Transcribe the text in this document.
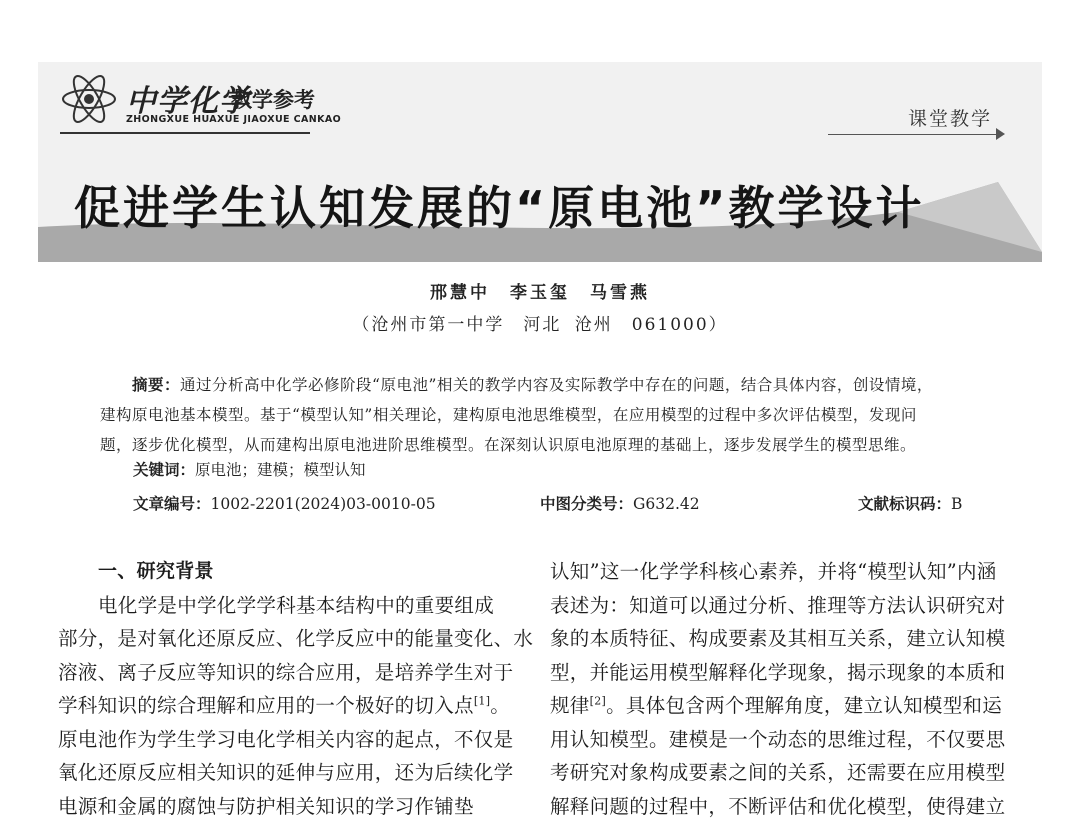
中学化学
教学参考
ZHONGXUE HUAXUE JIAOXUE CANKAO	课堂教学
促进学生认知发展的“原电池”教学设计
邢慧中　李玉玺　马雪燕
（沧州市第一中学　河北 沧州　061000）
摘要：通过分析高中化学必修阶段“原电池”相关的教学内容及实际教学中存在的问题，结合具体内容，创设情境，
建构原电池基本模型。基于“模型认知”相关理论，建构原电池思维模型，在应用模型的过程中多次评估模型，发现问
题，逐步优化模型，从而建构出原电池进阶思维模型。在深刻认识原电池原理的基础上，逐步发展学生的模型思维。
关键词：原电池；建模；模型认知
文章编号：1002-2201(2024)03-0010-05	中图分类号：G632.42	文献标识码：B
一、研究背景
电化学是中学化学学科基本结构中的重要组成
部分，是对氧化还原反应、化学反应中的能量变化、水
溶液、离子反应等知识的综合应用，是培养学生对于
学科知识的综合理解和应用的一个极好的切入点[1]。
原电池作为学生学习电化学相关内容的起点，不仅是
氧化还原反应相关知识的延伸与应用，还为后续化学
电源和金属的腐蚀与防护相关知识的学习作铺垫
认知”这一化学学科核心素养，并将“模型认知”内涵
表述为：知道可以通过分析、推理等方法认识研究对
象的本质特征、构成要素及其相互关系，建立认知模
型，并能运用模型解释化学现象，揭示现象的本质和
规律[2]。具体包含两个理解角度，建立认知模型和运
用认知模型。建模是一个动态的思维过程，不仅要思
考研究对象构成要素之间的关系，还需要在应用模型
解释问题的过程中，不断评估和优化模型，使得建立
